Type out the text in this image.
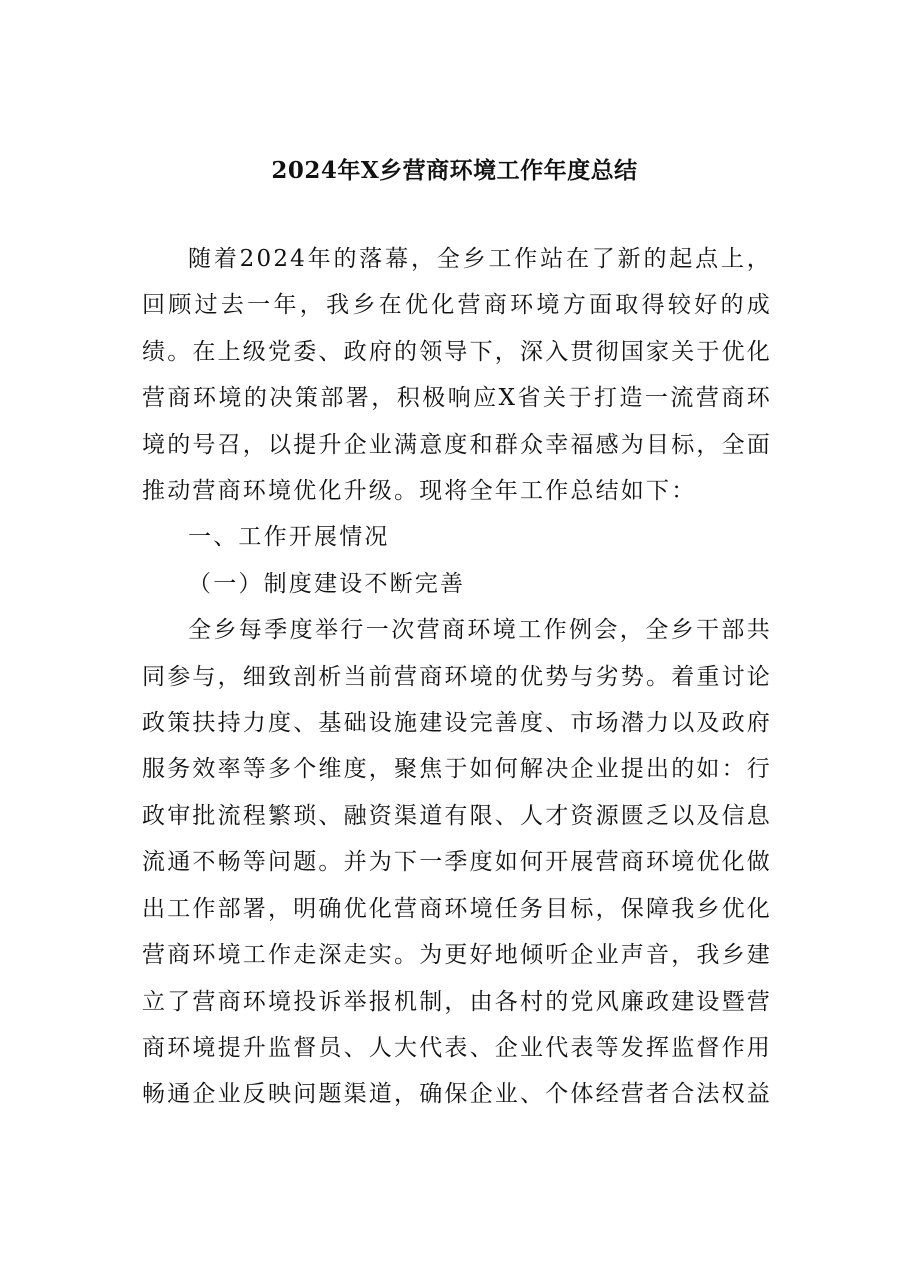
2024年X乡营商环境工作年度总结

随着2024年的落幕，全乡工作站在了新的起点上，回顾过去一年，我乡在优化营商环境方面取得较好的成绩。在上级党委、政府的领导下，深入贯彻国家关于优化营商环境的决策部署，积极响应X省关于打造一流营商环境的号召，以提升企业满意度和群众幸福感为目标，全面推动营商环境优化升级。现将全年工作总结如下：

一、工作开展情况

（一）制度建设不断完善

全乡每季度举行一次营商环境工作例会，全乡干部共同参与，细致剖析当前营商环境的优势与劣势。着重讨论政策扶持力度、基础设施建设完善度、市场潜力以及政府服务效率等多个维度，聚焦于如何解决企业提出的如：行政审批流程繁琐、融资渠道有限、人才资源匮乏以及信息流通不畅等问题。并为下一季度如何开展营商环境优化做出工作部署，明确优化营商环境任务目标，保障我乡优化营商环境工作走深走实。为更好地倾听企业声音，我乡建立了营商环境投诉举报机制，由各村的党风廉政建设暨营商环境提升监督员、人大代表、企业代表等发挥监督作用畅通企业反映问题渠道，确保企业、个体经营者合法权益
